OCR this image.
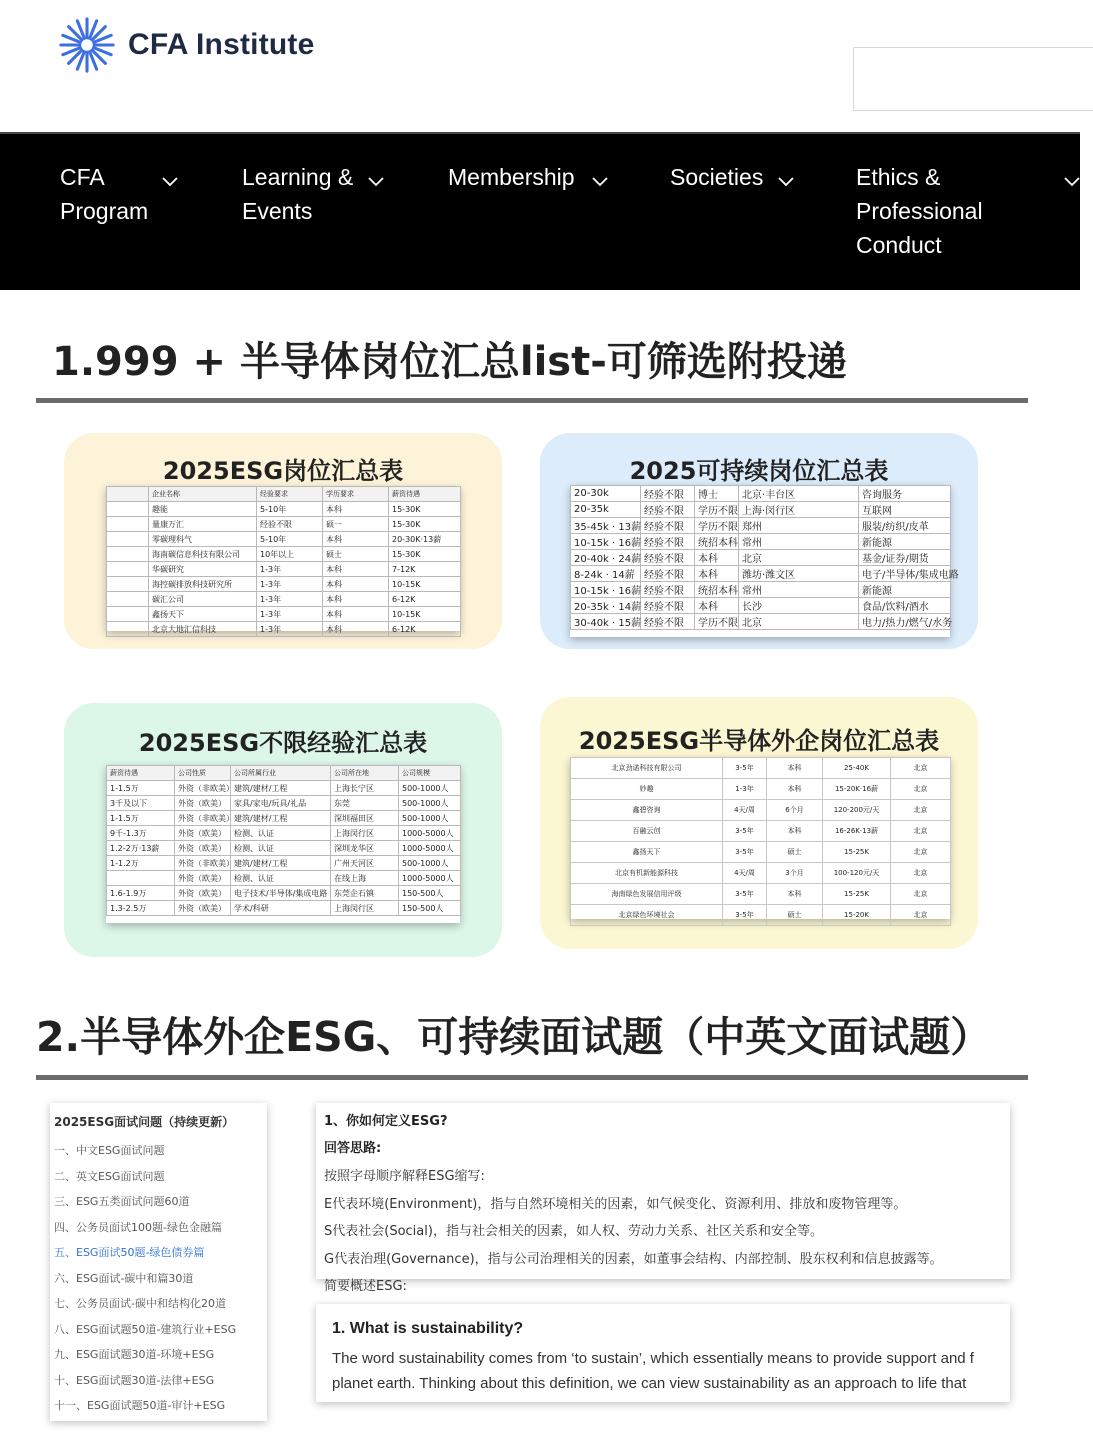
CFA Institute
CFA
Program
Learning &
Events
Membership	Societies	Ethics &
Professional
Conduct
1.999 + 半导体岗位汇总list-可筛选附投递
2025ESG岗位汇总表
	企业名称	经验要求	学历要求	薪资待遇
	趣能	5-10年	本科	15-30K
	量康万汇	经验不限	硕一	15-30K
	零碳理科气	5-10年	本科	20-30K·13薪
	海南碳信息科技有限公司	10年以上	硕士	15-30K
	华碳研究	1-3年	本科	7-12K
	海控碳排放科技研究所	1-3年	本科	10-15K
	碳汇公司	1-3年	本科	6-12K
	鑫扬天下	1-3年	本科	10-15K
	北京大地汇信科技	1-3年	本科	6-12K
2025可持续岗位汇总表
20-30k	经验不限	博士	北京·丰台区	咨询服务
20-35k	经验不限	学历不限	上海·闵行区	互联网
35-45k · 13薪	经验不限	学历不限	郑州	服装/纺织/皮革
10-15k · 16薪	经验不限	统招本科	常州	新能源
20-40k · 24薪	经验不限	本科	北京	基金/证券/期货
8-24k · 14薪	经验不限	本科	潍坊·潍文区	电子/半导体/集成电路
10-15k · 16薪	经验不限	统招本科	常州	新能源
20-35k · 14薪	经验不限	本科	长沙	食品/饮料/酒水
30-40k · 15薪	经验不限	学历不限	北京	电力/热力/燃气/水务
2025ESG不限经验汇总表
薪资待遇	公司性质	公司所属行业	公司所在地	公司规模
1-1.5万	外资（非欧美）	建筑/建材/工程	上海长宁区	500-1000人
3千及以下	外资（欧美）	家具/家电/玩具/礼品	东莞	500-1000人
1-1.5万	外资（非欧美）	建筑/建材/工程	深圳福田区	500-1000人
9千-1.3万	外资（欧美）	检测、认证	上海闵行区	1000-5000人
1.2-2万·13薪	外资（欧美）	检测、认证	深圳龙华区	1000-5000人
1-1.2万	外资（非欧美）	建筑/建材/工程	广州天河区	500-1000人
	外资（欧美）	检测、认证	在线上海	1000-5000人
1.6-1.9万	外资（欧美）	电子技术/半导体/集成电路	东莞企石镇	150-500人
1.3-2.5万	外资（欧美）	学术/科研	上海闵行区	150-500人
2025ESG半导体外企岗位汇总表
北京劲诺科技有限公司	3-5年	本科	25-40K	北京
妙趣	1-3年	本科	15-20K·16薪	北京
鑫碧咨询	4天/周	6个月	120-200元/天	北京
百融云创	3-5年	本科	16-26K·13薪	北京
鑫扬天下	3-5年	硕士	15-25K	北京
北京有机新能源科技	4天/周	3个月	100-120元/天	北京
海南绿色发展信用评级	3-5年	本科	15-25K	北京
北京绿色环境社会	3-5年	硕士	15-20K	北京
2.半导体外企ESG、可持续面试题（中英文面试题）
2025ESG面试问题（持续更新）
一、中文ESG面试问题
二、英文ESG面试问题
三、ESG五类面试问题60道
四、公务员面试100题-绿色金融篇
五、ESG面试50题-绿色债券篇
六、ESG面试-碳中和篇30道
七、公务员面试-碳中和结构化20道
八、ESG面试题50道-建筑行业+ESG
九、ESG面试题30道-环境+ESG
十、ESG面试题30道-法律+ESG
十一、ESG面试题50道-审计+ESG
1、你如何定义ESG?
回答思路:
按照字母顺序解释ESG缩写:
E代表环境(Environment)，指与自然环境相关的因素，如气候变化、资源利用、排放和废物管理等。
S代表社会(Social)，指与社会相关的因素，如人权、劳动力关系、社区关系和安全等。
G代表治理(Governance)，指与公司治理相关的因素，如董事会结构、内部控制、股东权利和信息披露等。
简要概述ESG:
1. What is sustainability?
The word sustainability comes from ‘to sustain’, which essentially means to provide support and f
planet earth. Thinking about this definition, we can view sustainability as an approach to life that
